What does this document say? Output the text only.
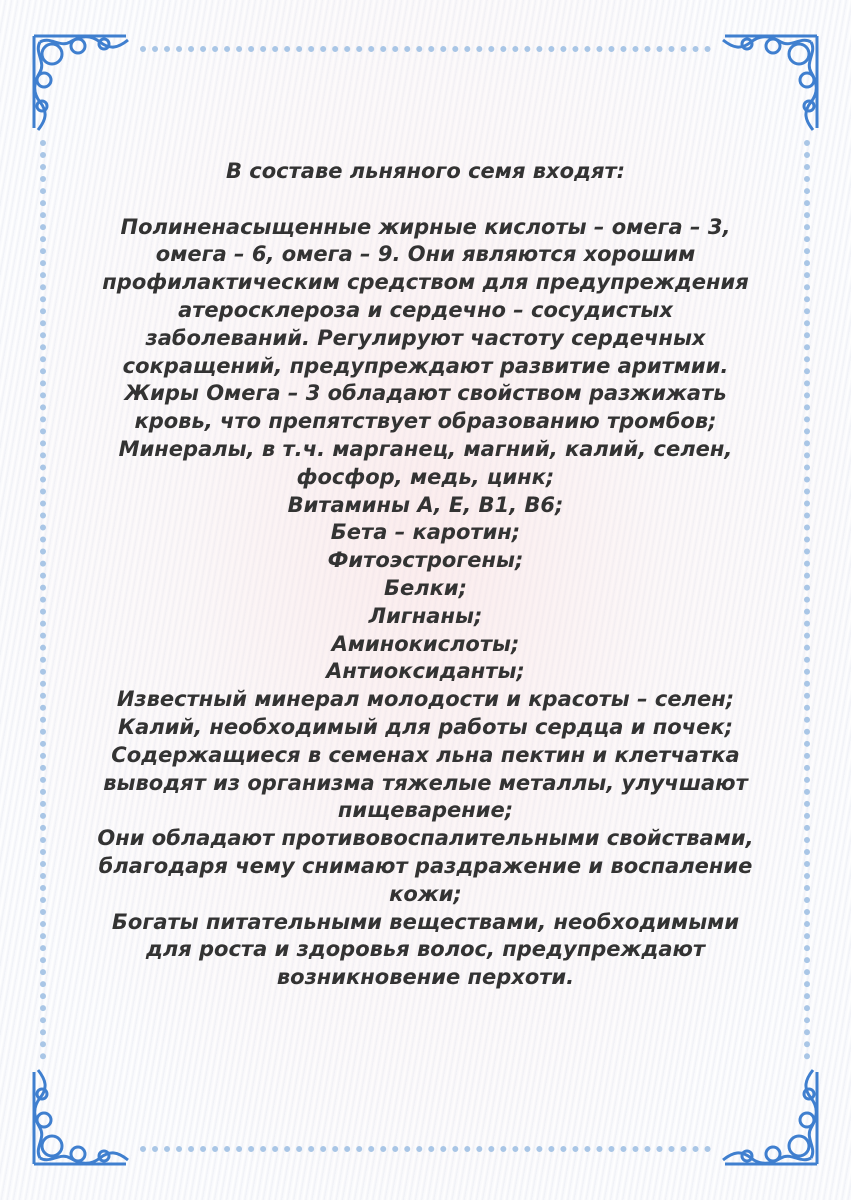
В составе льняного семя входят:
Полиненасыщенные жирные кислоты – омега – 3,
омега – 6, омега – 9. Они являются хорошим
профилактическим средством для предупреждения
атеросклероза и сердечно – сосудистых
заболеваний. Регулируют частоту сердечных
сокращений, предупреждают развитие аритмии.
Жиры Омега – 3 обладают свойством разжижать
кровь, что препятствует образованию тромбов;
Минералы, в т.ч. марганец, магний, калий, селен,
фосфор, медь, цинк;
Витамины А, Е, В1, В6;
Бета – каротин;
Фитоэстрогены;
Белки;
Лигнаны;
Аминокислоты;
Антиоксиданты;
Известный минерал молодости и красоты – селен;
Калий, необходимый для работы сердца и почек;
Содержащиеся в семенах льна пектин и клетчатка
выводят из организма тяжелые металлы, улучшают
пищеварение;
Они обладают противовоспалительными свойствами,
благодаря чему снимают раздражение и воспаление
кожи;
Богаты питательными веществами, необходимыми
для роста и здоровья волос, предупреждают
возникновение перхоти.
